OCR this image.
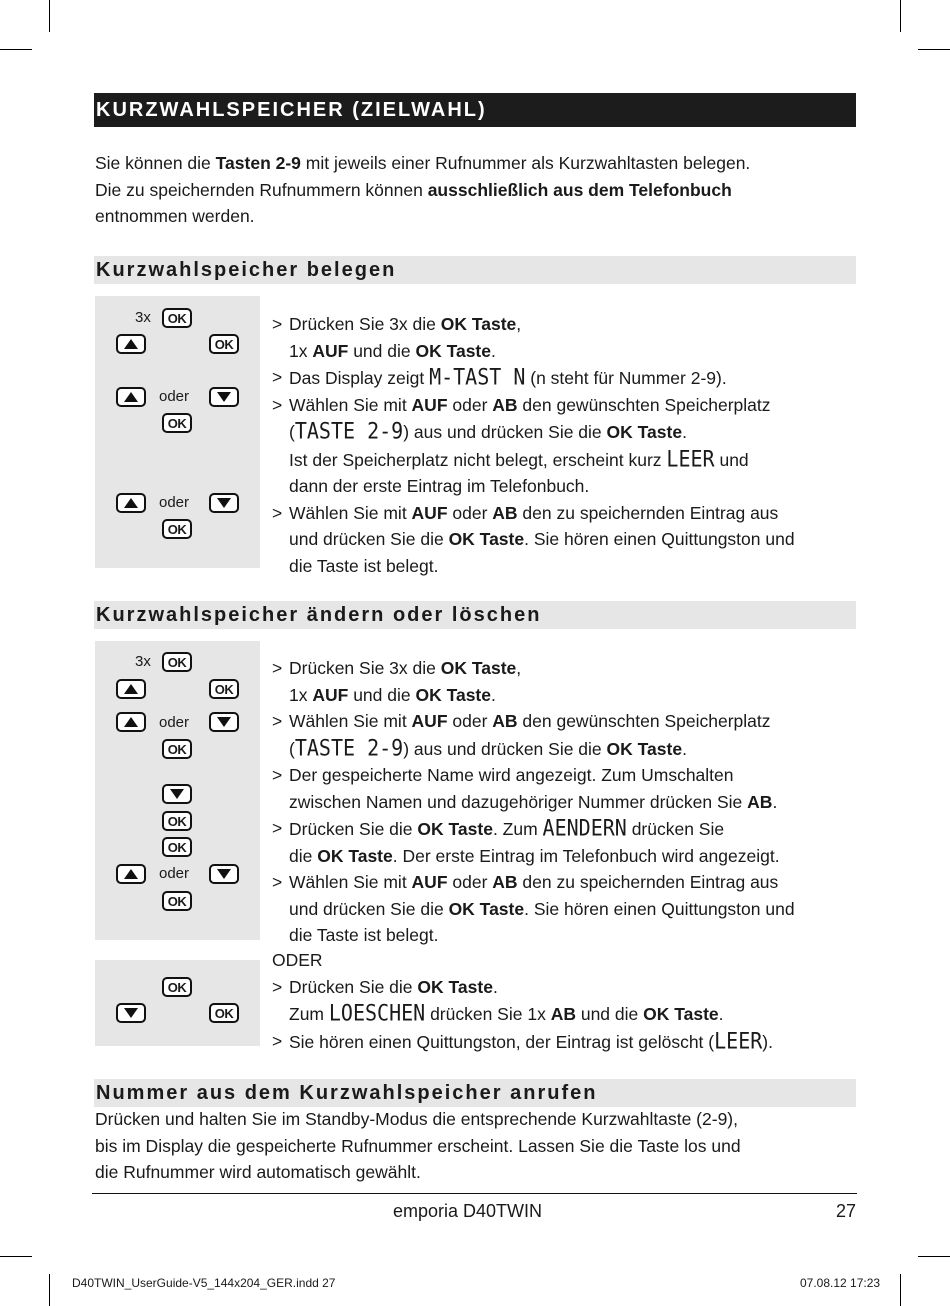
KURZWAHLSPEICHER (ZIELWAHL)
Sie können die Tasten 2-9 mit jeweils einer Rufnummer als Kurzwahltasten belegen.
Die zu speichernden Rufnummern können ausschließlich aus dem Telefonbuch
entnommen werden.
Kurzwahlspeicher belegen
3x	OK
OK
oder
OK
oder
OK
> Drücken Sie 3x die OK Taste,
1x AUF und die OK Taste.
> Das Display zeigt M-TAST N (n steht für Nummer 2-9).
> Wählen Sie mit AUF oder AB den gewünschten Speicherplatz
(TASTE 2-9) aus und drücken Sie die OK Taste.
Ist der Speicherplatz nicht belegt, erscheint kurz LEER und
dann der erste Eintrag im Telefonbuch.
> Wählen Sie mit AUF oder AB den zu speichernden Eintrag aus
und drücken Sie die OK Taste. Sie hören einen Quittungston und
die Taste ist belegt.
Kurzwahlspeicher ändern oder löschen
3x	OK
OK
oder
OK
OK
OK
oder
OK
OK
OK
> Drücken Sie 3x die OK Taste,
1x AUF und die OK Taste.
> Wählen Sie mit AUF oder AB den gewünschten Speicherplatz
(TASTE 2-9) aus und drücken Sie die OK Taste.
> Der gespeicherte Name wird angezeigt. Zum Umschalten
zwischen Namen und dazugehöriger Nummer drücken Sie AB.
> Drücken Sie die OK Taste. Zum AENDERN drücken Sie
die OK Taste. Der erste Eintrag im Telefonbuch wird angezeigt.
> Wählen Sie mit AUF oder AB den zu speichernden Eintrag aus
und drücken Sie die OK Taste. Sie hören einen Quittungston und
die Taste ist belegt.
ODER
> Drücken Sie die OK Taste.
Zum LOESCHEN drücken Sie 1x AB und die OK Taste.
> Sie hören einen Quittungston, der Eintrag ist gelöscht (LEER).
Nummer aus dem Kurzwahlspeicher anrufen
Drücken und halten Sie im Standby-Modus die entsprechende Kurzwahltaste (2-9),
bis im Display die gespeicherte Rufnummer erscheint. Lassen Sie die Taste los und
die Rufnummer wird automatisch gewählt.
emporia D40TWIN	27
D40TWIN_UserGuide-V5_144x204_GER.indd 27	07.08.12 17:23
